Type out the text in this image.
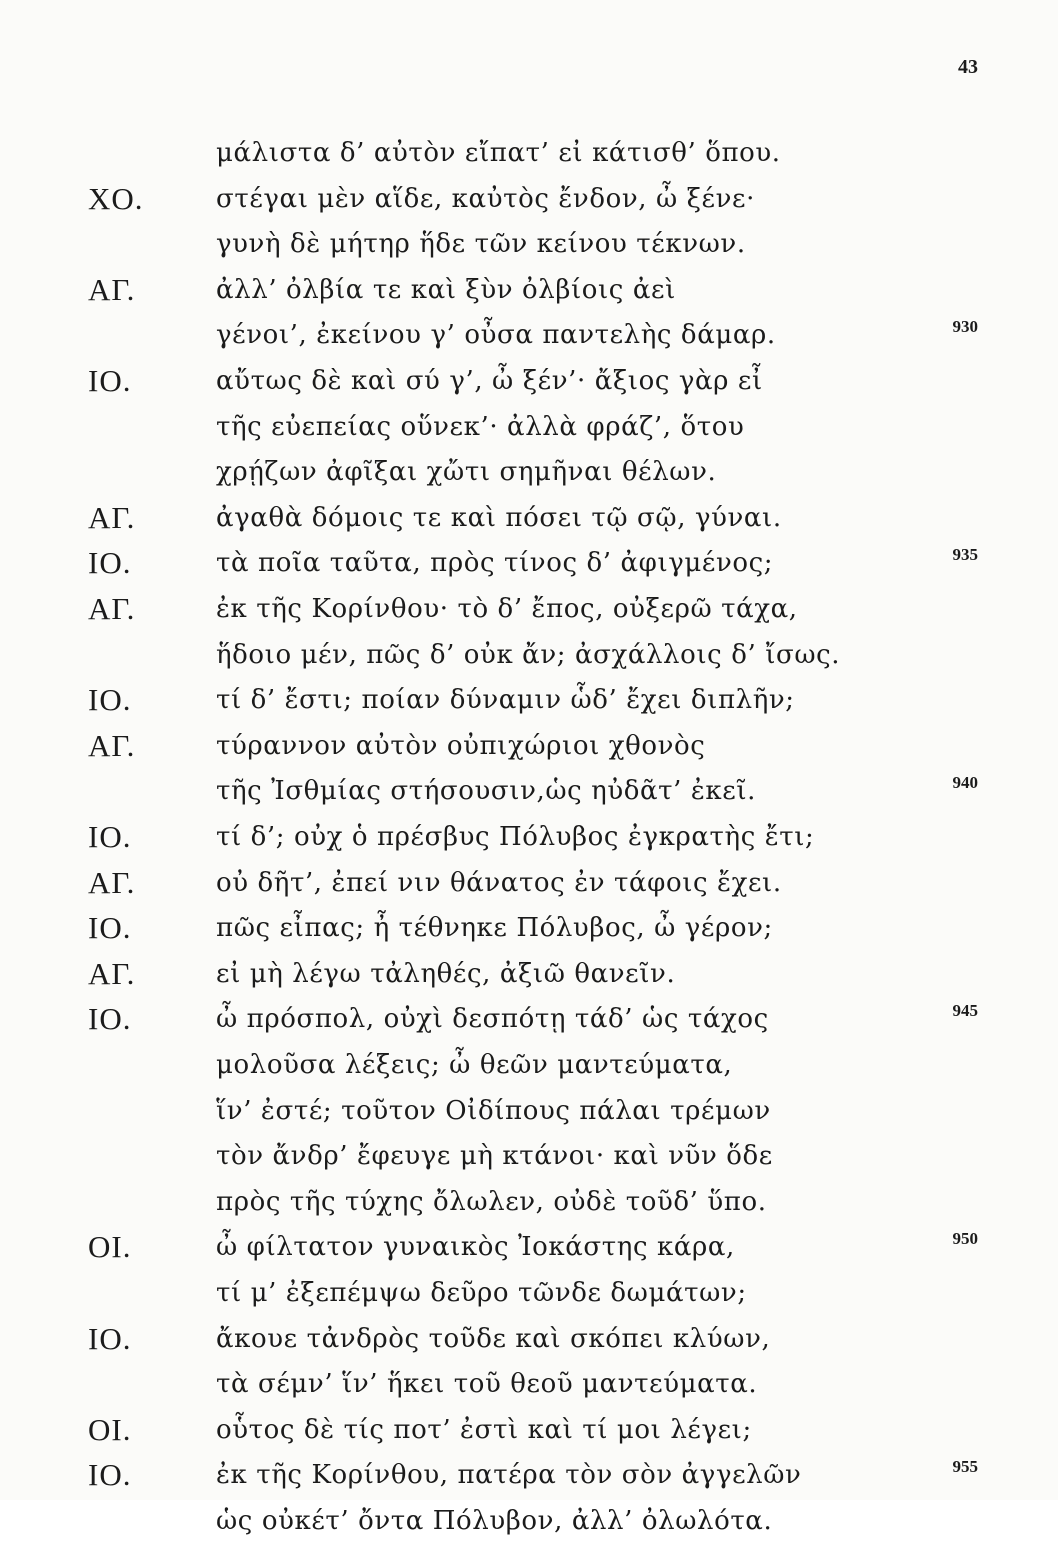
43
μάλιστα δ’ αὐτὸν εἴπατ’ εἰ κάτισθ’ ὅπου.
ΧΟ.	στέγαι μὲν αἵδε, καὐτὸς ἔνδον, ὦ ξένε·
γυνὴ δὲ μήτηρ ἥδε τῶν κείνου τέκνων.
ΑΓ.	ἀλλ’ ὀλβία τε καὶ ξὺν ὀλβίοις ἀεὶ
γένοι’, ἐκείνου γ’ οὖσα παντελὴς δάμαρ.	930
ΙΟ.	αὔτως δὲ καὶ σύ γ’, ὦ ξέν’· ἄξιος γὰρ εἶ
τῆς εὐεπείας οὕνεκ’· ἀλλὰ φράζ’, ὅτου
χρῄζων ἀφῖξαι χὤτι σημῆναι θέλων.
ΑΓ.	ἀγαθὰ δόμοις τε καὶ πόσει τῷ σῷ, γύναι.
ΙΟ.	τὰ ποῖα ταῦτα, πρὸς τίνος δ’ ἀφιγμένος;	935
ΑΓ.	ἐκ τῆς Κορίνθου· τὸ δ’ ἔπος, οὐξερῶ τάχα,
ἥδοιο μέν, πῶς δ’ οὐκ ἄν; ἀσχάλλοις δ’ ἴσως.
ΙΟ.	τί δ’ ἔστι; ποίαν δύναμιν ὧδ’ ἔχει διπλῆν;
ΑΓ.	τύραννον αὐτὸν οὐπιχώριοι χθονὸς
τῆς Ἰσθμίας στήσουσιν,ὡς ηὐδᾶτ’ ἐκεῖ.	940
ΙΟ.	τί δ’; οὐχ ὁ πρέσβυς Πόλυβος ἐγκρατὴς ἔτι;
ΑΓ.	οὐ δῆτ’, ἐπεί νιν θάνατος ἐν τάφοις ἔχει.
ΙΟ.	πῶς εἶπας; ἦ τέθνηκε Πόλυβος, ὦ γέρον;
ΑΓ.	εἰ μὴ λέγω τἀληθές, ἀξιῶ θανεῖν.
ΙΟ.	ὦ πρόσπολ, οὐχὶ δεσπότῃ τάδ’ ὡς τάχος	945
μολοῦσα λέξεις; ὦ θεῶν μαντεύματα,
ἵν’ ἐστέ; τοῦτον Οἰδίπους πάλαι τρέμων
τὸν ἄνδρ’ ἔφευγε μὴ κτάνοι· καὶ νῦν ὅδε
πρὸς τῆς τύχης ὄλωλεν, οὐδὲ τοῦδ’ ὕπο.
ΟΙ.	ὦ φίλτατον γυναικὸς Ἰοκάστης κάρα,	950
τί μ’ ἐξεπέμψω δεῦρο τῶνδε δωμάτων;
ΙΟ.	ἄκουε τἀνδρὸς τοῦδε καὶ σκόπει κλύων,
τὰ σέμν’ ἵν’ ἥκει τοῦ θεοῦ μαντεύματα.
ΟΙ.	οὗτος δὲ τίς ποτ’ ἐστὶ καὶ τί μοι λέγει;
ΙΟ.	ἐκ τῆς Κορίνθου, πατέρα τὸν σὸν ἀγγελῶν	955
ὡς οὐκέτ’ ὄντα Πόλυβον, ἀλλ’ ὀλωλότα.
